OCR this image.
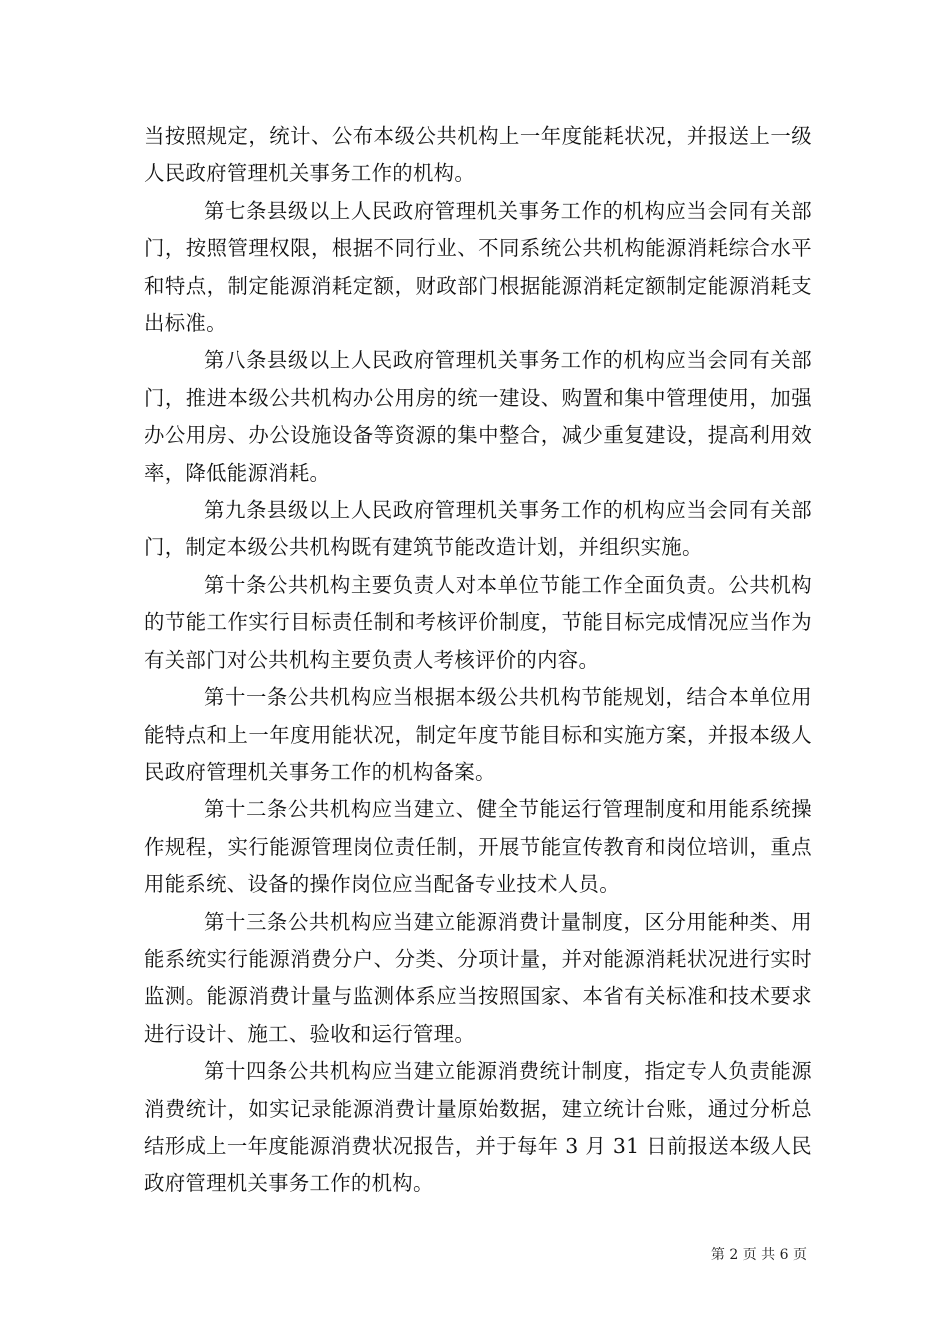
当按照规定，统计、公布本级公共机构上一年度能耗状况，并报送上一级人民政府管理机关事务工作的机构。

第七条县级以上人民政府管理机关事务工作的机构应当会同有关部门，按照管理权限，根据不同行业、不同系统公共机构能源消耗综合水平和特点，制定能源消耗定额，财政部门根据能源消耗定额制定能源消耗支出标准。

第八条县级以上人民政府管理机关事务工作的机构应当会同有关部门，推进本级公共机构办公用房的统一建设、购置和集中管理使用，加强办公用房、办公设施设备等资源的集中整合，减少重复建设，提高利用效率，降低能源消耗。

第九条县级以上人民政府管理机关事务工作的机构应当会同有关部门，制定本级公共机构既有建筑节能改造计划，并组织实施。

第十条公共机构主要负责人对本单位节能工作全面负责。公共机构的节能工作实行目标责任制和考核评价制度，节能目标完成情况应当作为有关部门对公共机构主要负责人考核评价的内容。

第十一条公共机构应当根据本级公共机构节能规划，结合本单位用能特点和上一年度用能状况，制定年度节能目标和实施方案，并报本级人民政府管理机关事务工作的机构备案。

第十二条公共机构应当建立、健全节能运行管理制度和用能系统操作规程，实行能源管理岗位责任制，开展节能宣传教育和岗位培训，重点用能系统、设备的操作岗位应当配备专业技术人员。

第十三条公共机构应当建立能源消费计量制度，区分用能种类、用能系统实行能源消费分户、分类、分项计量，并对能源消耗状况进行实时监测。能源消费计量与监测体系应当按照国家、本省有关标准和技术要求进行设计、施工、验收和运行管理。

第十四条公共机构应当建立能源消费统计制度，指定专人负责能源消费统计，如实记录能源消费计量原始数据，建立统计台账，通过分析总结形成上一年度能源消费状况报告，并于每年 3 月 31 日前报送本级人民政府管理机关事务工作的机构。

第 2 页 共 6 页
